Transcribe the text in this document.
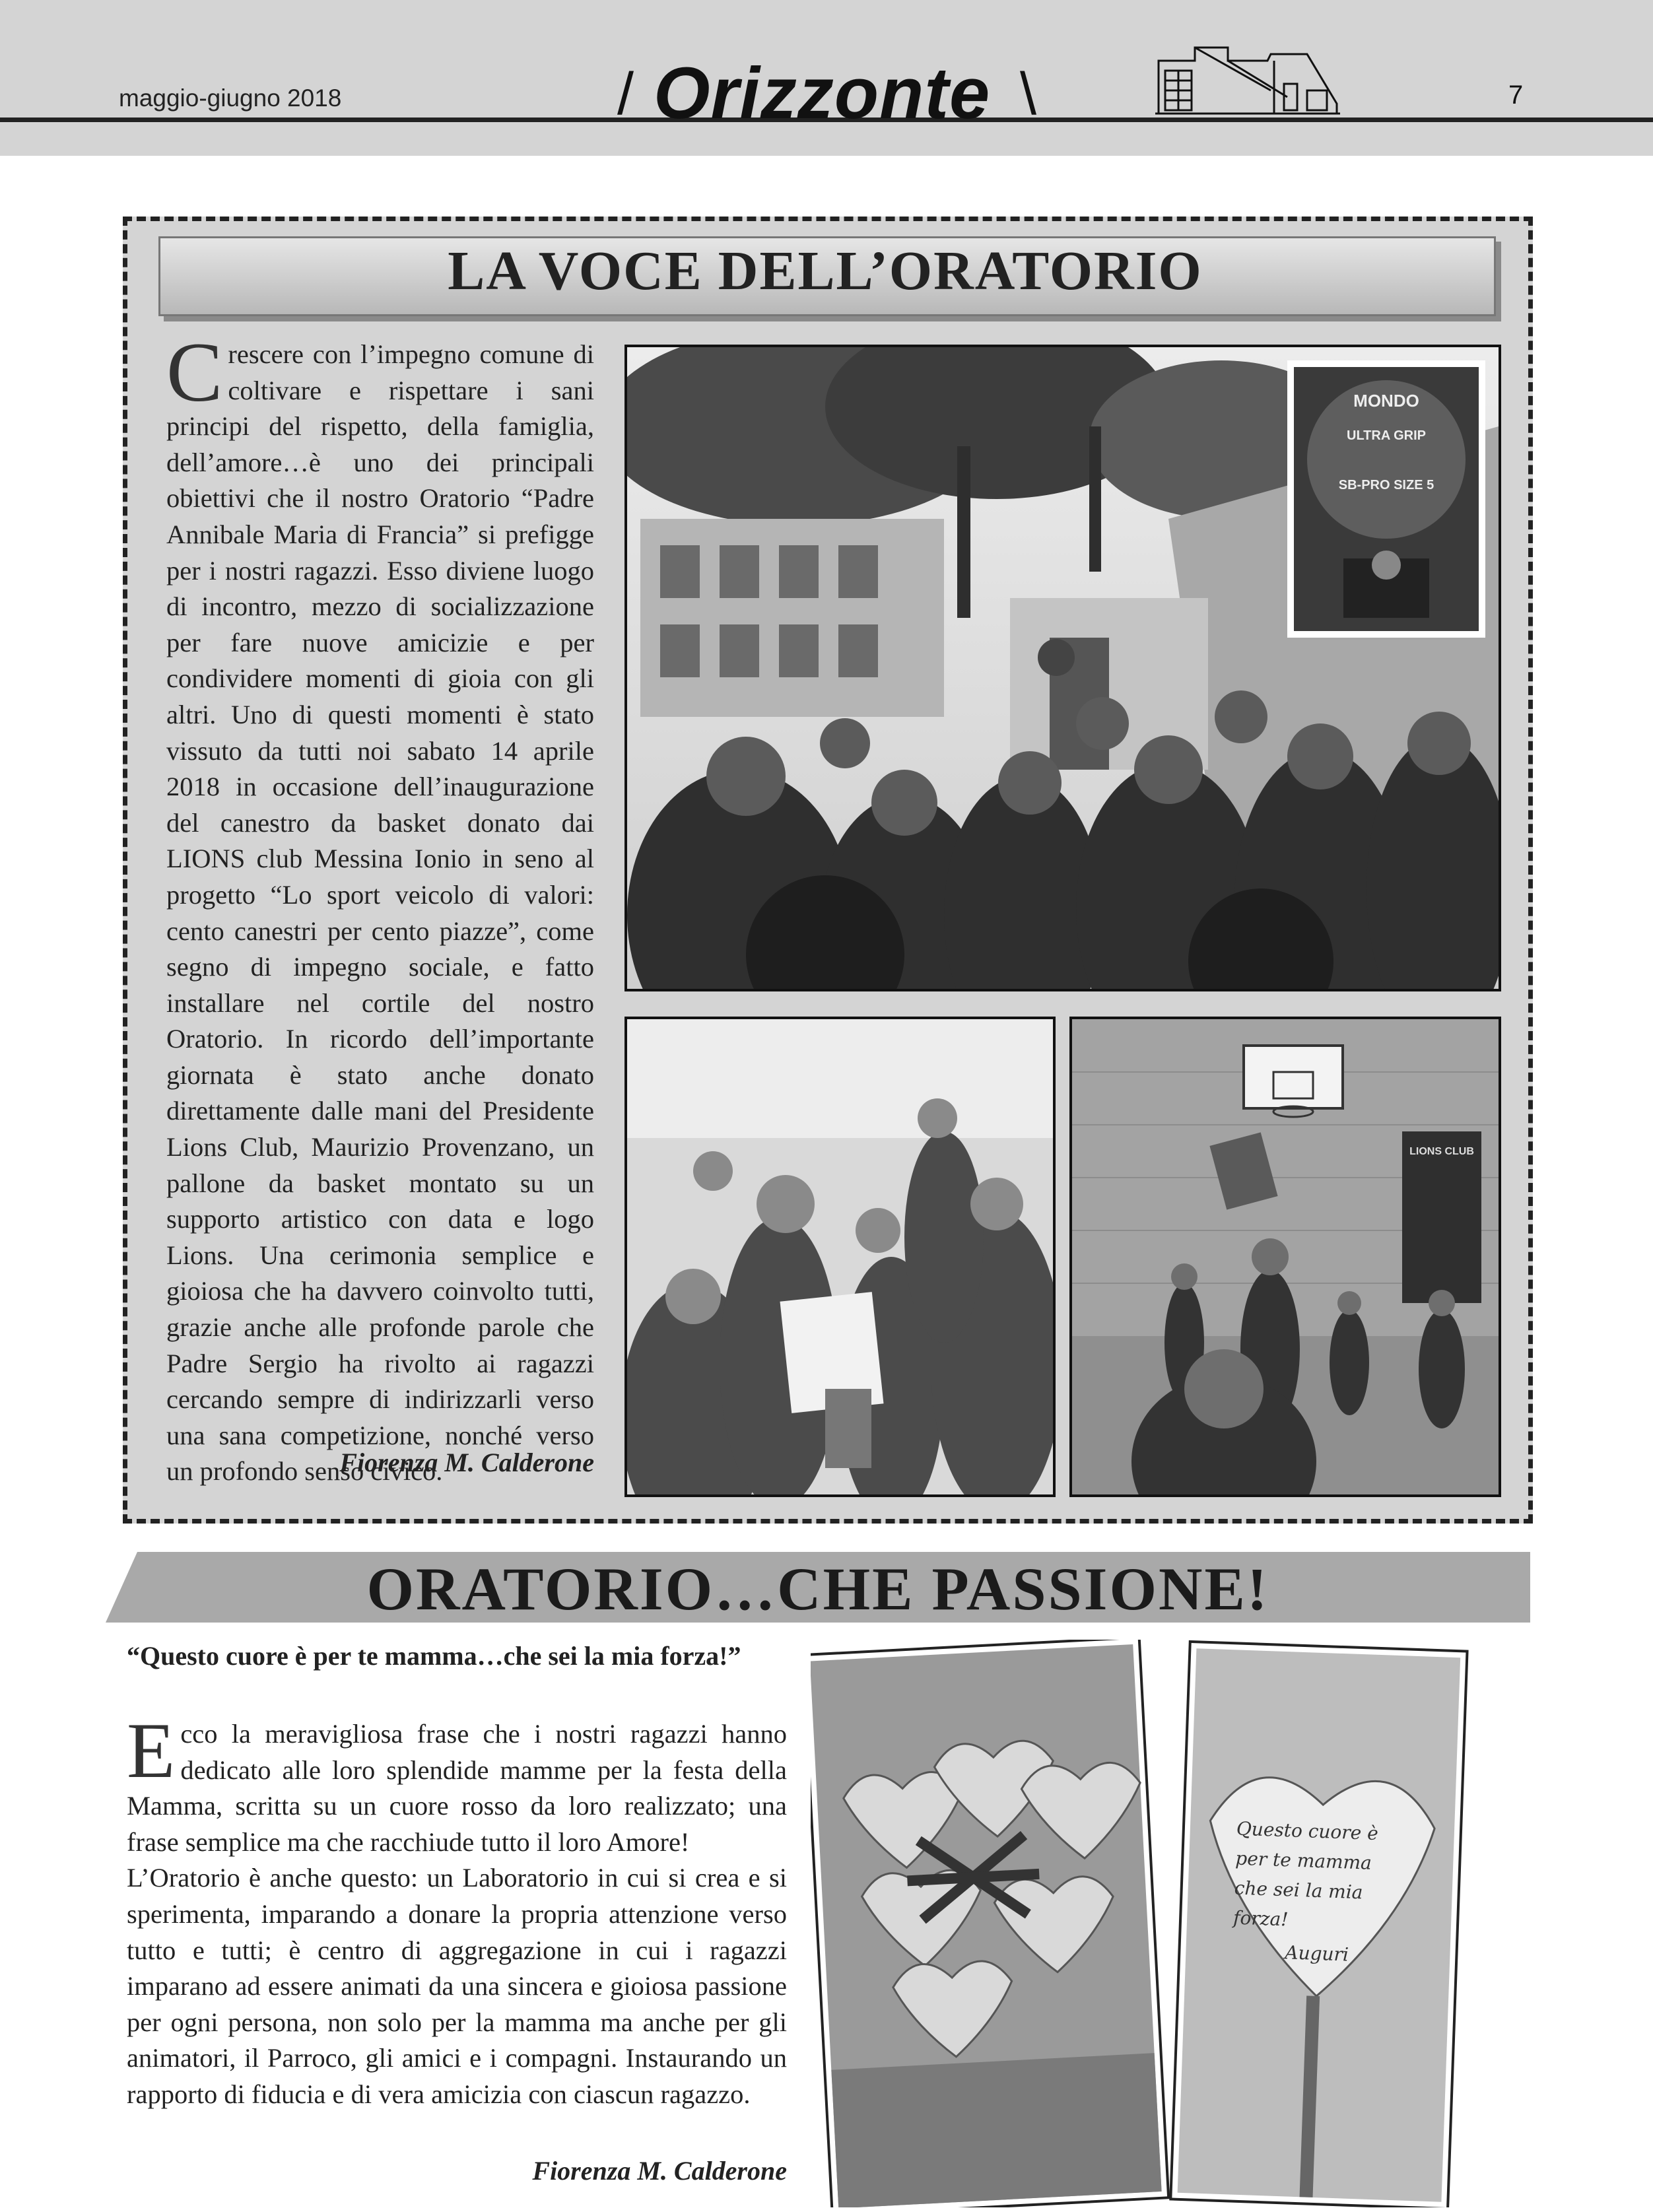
maggio-giugno 2018	/ Orizzonte \	7
LA VOCE DELL’ORATORIO
Crescere con l’impegno comune di coltivare e rispettare i sani principi del rispetto, della famiglia, dell’amore…è uno dei principali obiettivi che il nostro Oratorio “Padre Annibale Maria di Francia” si prefigge per i nostri ragazzi. Esso diviene luogo di incontro, mezzo di socializzazione per fare nuove amicizie e per condividere momenti di gioia con gli altri. Uno di questi momenti è stato vissuto da tutti noi sabato 14 aprile 2018 in occasione dell’inaugurazione del canestro da basket donato dai LIONS club Messina Ionio in seno al progetto “Lo sport veicolo di valori: cento canestri per cento piazze”, come segno di impegno sociale, e fatto installare nel cortile del nostro Oratorio. In ricordo dell’importante giornata è stato anche donato direttamente dalle mani del Presidente Lions Club, Maurizio Provenzano, un pallone da basket montato su un supporto artistico con data e logo Lions. Una cerimonia semplice e gioiosa che ha davvero coinvolto tutti, grazie anche alle profonde parole che Padre Sergio ha rivolto ai ragazzi cercando sempre di indirizzarli verso una sana competizione, nonché verso un profondo senso civico.
Fiorenza M. Calderone
MONDO
ULTRA GRIP
SB-PRO SIZE 5
LIONS CLUB
ORATORIO…CHE PASSIONE!
“Questo cuore è per te mamma…che sei la mia forza!”
Ecco la meravigliosa frase che i nostri ragazzi hanno dedicato alle loro splendide mamme per la festa della Mamma, scritta su un cuore rosso da loro realizzato; una frase semplice ma che racchiude tutto il loro Amore!
L’Oratorio è anche questo: un Laboratorio in cui si crea e si sperimenta, imparando a donare la propria attenzione verso tutto e tutti; è centro di aggregazione in cui i ragazzi imparano ad essere animati da una sincera e gioiosa passione per ogni persona, non solo per la mamma ma anche per gli animatori, il Parroco, gli amici e i compagni. Instaurando un rapporto di fiducia e di vera amicizia con ciascun ragazzo.
Fiorenza M. Calderone
Questo cuore è
per te mamma
che sei la mia
forza!
Auguri
